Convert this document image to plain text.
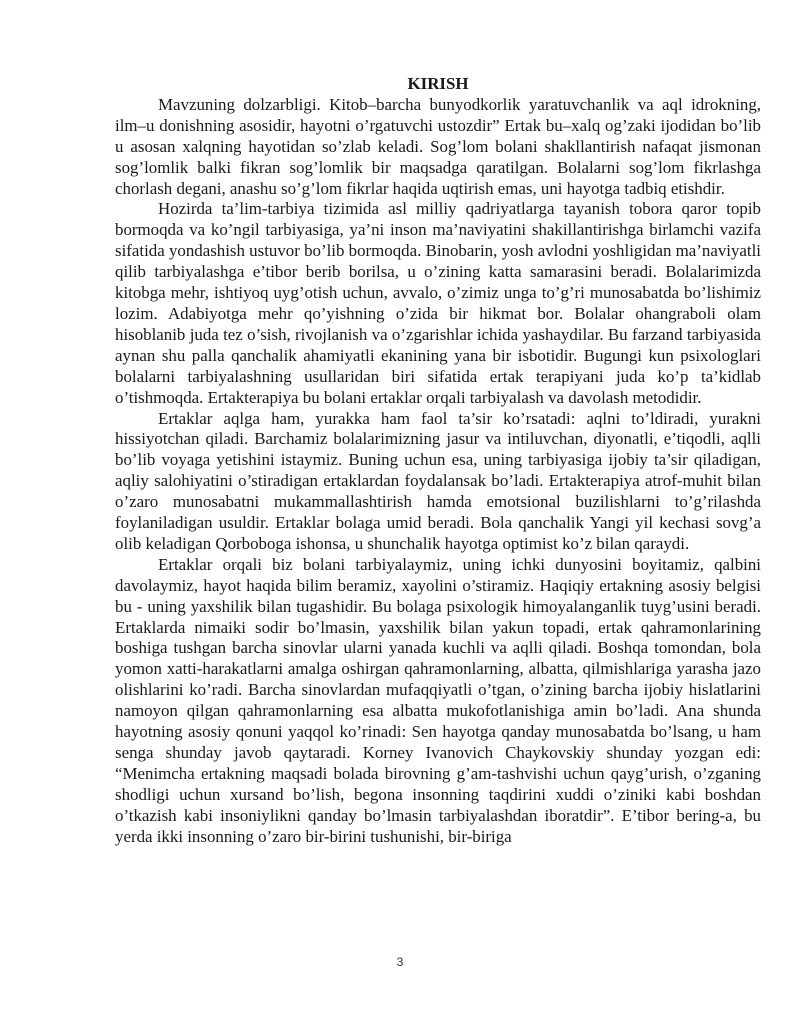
KIRISH

Mavzuning dolzarbligi. Kitob–barcha bunyodkorlik yaratuvchanlik va aql idrokning, ilm–u donishning asosidir, hayotni o’rgatuvchi ustozdir” Ertak bu–xalq og’zaki ijodidan bo’lib u asosan xalqning hayotidan so’zlab keladi. Sog’lom bolani shakllantirish nafaqat jismonan sog’lomlik balki fikran sog’lomlik bir maqsadga qaratilgan. Bolalarni sog’lom fikrlashga chorlash degani, anashu so’g’lom fikrlar haqida uqtirish emas, uni hayotga tadbiq etishdir.

Hozirda ta’lim-tarbiya tizimida asl milliy qadriyatlarga tayanish tobora qaror topib bormoqda va ko’ngil tarbiyasiga, ya’ni inson ma’naviyatini shakillantirishga birlamchi vazifa sifatida yondashish ustuvor bo’lib bormoqda. Binobarin, yosh avlodni yoshligidan ma’naviyatli qilib tarbiyalashga e’tibor berib borilsa, u o’zining katta samarasini beradi. Bolalarimizda kitobga mehr, ishtiyoq uyg’otish uchun, avvalo, o’zimiz unga to’g’ri munosabatda bo’lishimiz lozim. Adabiyotga mehr qo’yishning o’zida bir hikmat bor. Bolalar ohangraboli olam hisoblanib juda tez o’sish, rivojlanish va o’zgarishlar ichida yashaydilar. Bu farzand tarbiyasida aynan shu palla qanchalik ahamiyatli ekanining yana bir isbotidir. Bugungi kun psixologlari bolalarni tarbiyalashning usullaridan biri sifatida ertak terapiyani juda ko’p ta’kidlab o’tishmoqda. Ertakterapiya bu bolani ertaklar orqali tarbiyalash va davolash metodidir.

Ertaklar aqlga ham, yurakka ham faol ta’sir ko’rsatadi: aqlni to’ldiradi, yurakni hissiyotchan qiladi. Barchamiz bolalarimizning jasur va intiluvchan, diyonatli, e’tiqodli, aqlli bo’lib voyaga yetishini istaymiz. Buning uchun esa, uning tarbiyasiga ijobiy ta’sir qiladigan, aqliy salohiyatini o’stiradigan ertaklardan foydalansak bo’ladi. Ertakterapiya atrof-muhit bilan o’zaro munosabatni mukammallashtirish hamda emotsional buzilishlarni to’g’rilashda foylaniladigan usuldir. Ertaklar bolaga umid beradi. Bola qanchalik Yangi yil kechasi sovg’a olib keladigan Qorboboga ishonsa, u shunchalik hayotga optimist ko’z bilan qaraydi.

Ertaklar orqali biz bolani tarbiyalaymiz, uning ichki dunyosini boyitamiz, qalbini davolaymiz, hayot haqida bilim beramiz, xayolini o’stiramiz. Haqiqiy ertakning asosiy belgisi bu - uning yaxshilik bilan tugashidir. Bu bolaga psixologik himoyalanganlik tuyg’usini beradi. Ertaklarda nimaiki sodir bo’lmasin, yaxshilik bilan yakun topadi, ertak qahramonlarining boshiga tushgan barcha sinovlar ularni yanada kuchli va aqlli qiladi. Boshqa tomondan, bola yomon xatti-harakatlarni amalga oshirgan qahramonlarning, albatta, qilmishlariga yarasha jazo olishlarini ko’radi. Barcha sinovlardan mufaqqiyatli o’tgan, o’zining barcha ijobiy hislatlarini namoyon qilgan qahramonlarning esa albatta mukofotlanishiga amin bo’ladi. Ana shunda hayotning asosiy qonuni yaqqol ko’rinadi: Sen hayotga qanday munosabatda bo’lsang, u ham senga shunday javob qaytaradi. Korney Ivanovich Chaykovskiy shunday yozgan edi: “Menimcha ertakning maqsadi bolada birovning g’am-tashvishi uchun qayg’urish, o’zganing shodligi uchun xursand bo’lish, begona insonning taqdirini xuddi o’ziniki kabi boshdan o’tkazish kabi insoniylikni qanday bo’lmasin tarbiyalashdan iboratdir”. E’tibor bering-a, bu yerda ikki insonning o’zaro bir-birini tushunishi, bir-biriga

3
